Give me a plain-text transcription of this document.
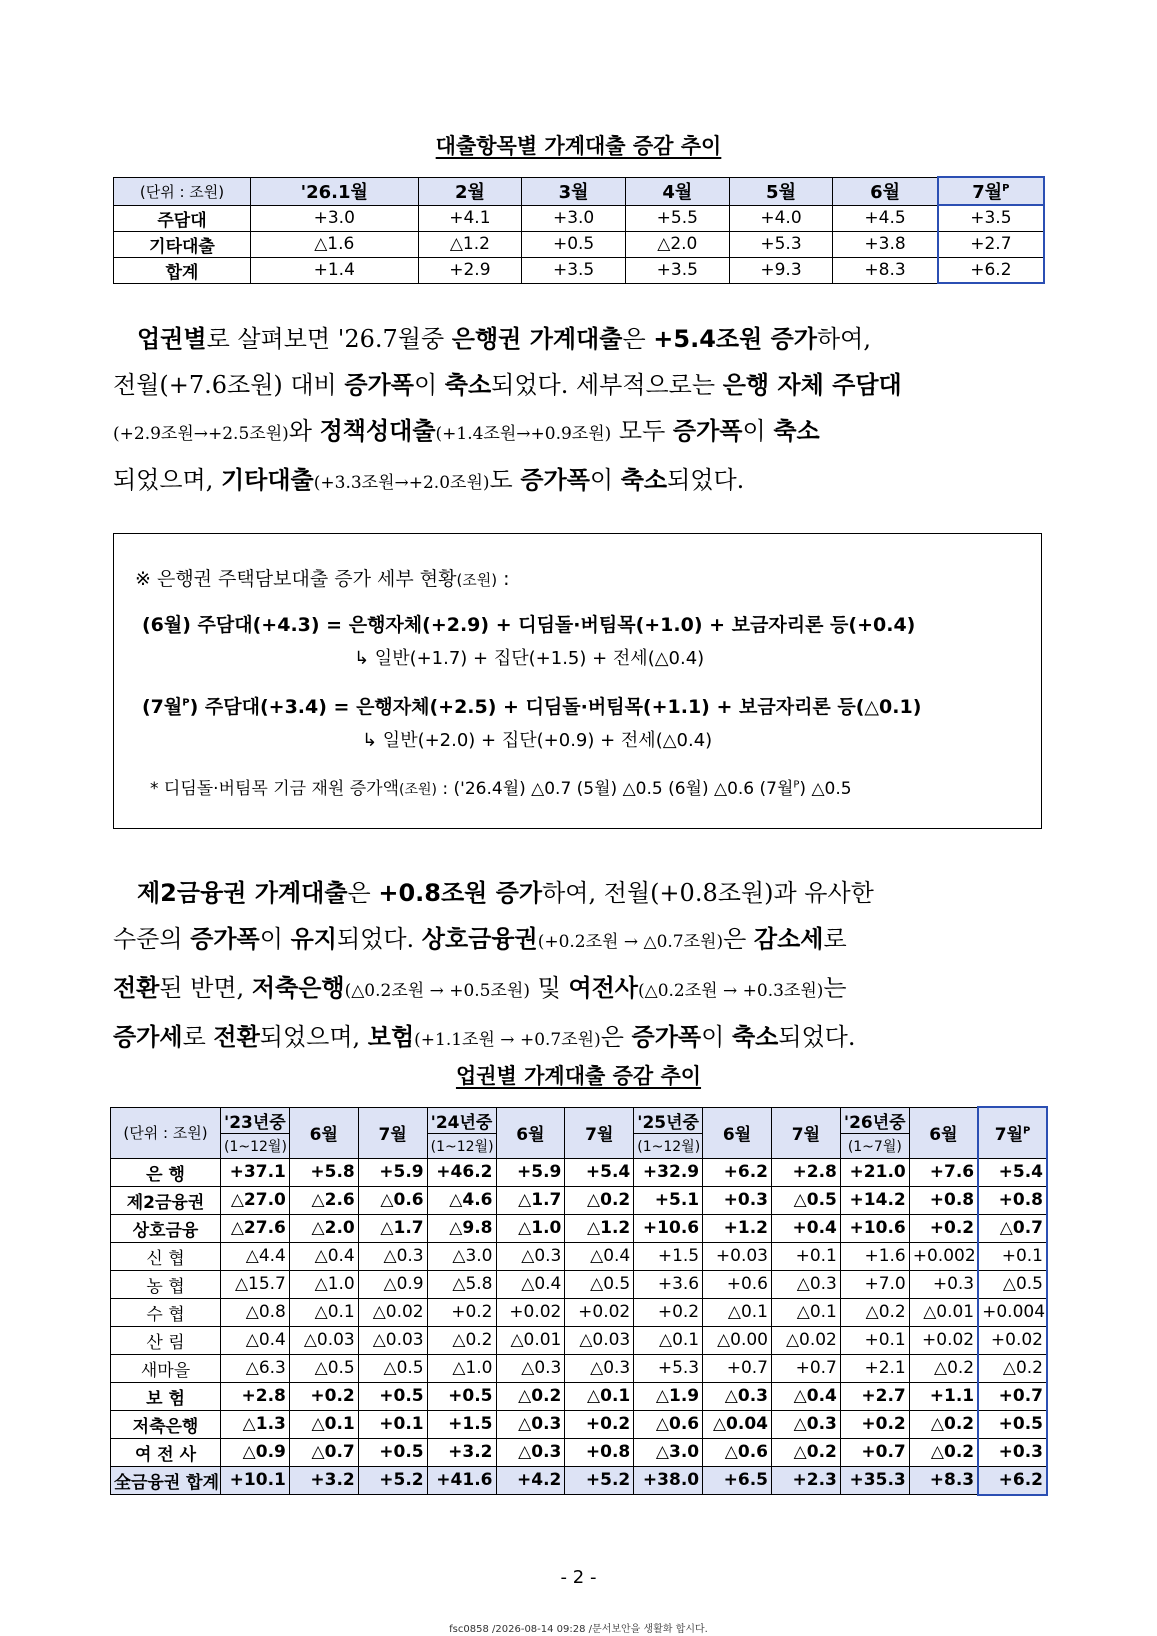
대출항목별 가계대출 증감 추이
(단위 : 조원)	'26.1월	2월	3월	4월	5월	6월	7월$^P$
주담대	+3.0	+4.1	+3.0	+5.5	+4.0	+4.5	+3.5
기타대출	△1.6	△1.2	+0.5	△2.0	+5.3	+3.8	+2.7
합계	+1.4	+2.9	+3.5	+3.5	+9.3	+8.3	+6.2
업권별로 살펴보면 '26.7월중 은행권 가계대출은 +5.4조원 증가하여,
전월(+7.6조원) 대비 증가폭이 축소되었다. 세부적으로는 은행 자체 주담대
(+2.9조원→+2.5조원)와 정책성대출(+1.4조원→+0.9조원) 모두 증가폭이 축소
되었으며, 기타대출(+3.3조원→+2.0조원)도 증가폭이 축소되었다.
※ 은행권 주택담보대출 증가 세부 현황(조원) :
(6월) 주담대(+4.3) = 은행자체(+2.9) + 디딤돌·버팀목(+1.0) + 보금자리론 등(+0.4)
↳ 일반(+1.7) + 집단(+1.5) + 전세(△0.4)
(7월$^P$) 주담대(+3.4) = 은행자체(+2.5) + 디딤돌·버팀목(+1.1) + 보금자리론 등(△0.1)
↳ 일반(+2.0) + 집단(+0.9) + 전세(△0.4)
* 디딤돌·버팀목 기금 재원 증가액(조원) : ('26.4월) △0.7 (5월) △0.5 (6월) △0.6 (7월$^P$) △0.5
제2금융권 가계대출은 +0.8조원 증가하여, 전월(+0.8조원)과 유사한
수준의 증가폭이 유지되었다. 상호금융권(+0.2조원 → △0.7조원)은 감소세로
전환된 반면, 저축은행(△0.2조원 → +0.5조원) 및 여전사(△0.2조원 → +0.3조원)는
증가세로 전환되었으며, 보험(+1.1조원 → +0.7조원)은 증가폭이 축소되었다.
업권별 가계대출 증감 추이
(단위 : 조원)	'23년중	6월	7월	'24년중	6월	7월	'25년중	6월	7월	'26년중	6월	7월$^P$
	(1~12월)			(1~12월)			(1~12월)			(1~7월)		
은 행	+37.1	+5.8	+5.9	+46.2	+5.9	+5.4	+32.9	+6.2	+2.8	+21.0	+7.6	+5.4
제2금융권	△27.0	△2.6	△0.6	△4.6	△1.7	△0.2	+5.1	+0.3	△0.5	+14.2	+0.8	+0.8
상호금융	△27.6	△2.0	△1.7	△9.8	△1.0	△1.2	+10.6	+1.2	+0.4	+10.6	+0.2	△0.7
신 협	△4.4	△0.4	△0.3	△3.0	△0.3	△0.4	+1.5	+0.03	+0.1	+1.6	+0.002	+0.1
농 협	△15.7	△1.0	△0.9	△5.8	△0.4	△0.5	+3.6	+0.6	△0.3	+7.0	+0.3	△0.5
수 협	△0.8	△0.1	△0.02	+0.2	+0.02	+0.02	+0.2	△0.1	△0.1	△0.2	△0.01	+0.004
산 림	△0.4	△0.03	△0.03	△0.2	△0.01	△0.03	△0.1	△0.00	△0.02	+0.1	+0.02	+0.02
새마을	△6.3	△0.5	△0.5	△1.0	△0.3	△0.3	+5.3	+0.7	+0.7	+2.1	△0.2	△0.2
보 험	+2.8	+0.2	+0.5	+0.5	△0.2	△0.1	△1.9	△0.3	△0.4	+2.7	+1.1	+0.7
저축은행	△1.3	△0.1	+0.1	+1.5	△0.3	+0.2	△0.6	△0.04	△0.3	+0.2	△0.2	+0.5
여 전 사	△0.9	△0.7	+0.5	+3.2	△0.3	+0.8	△3.0	△0.6	△0.2	+0.7	△0.2	+0.3
全금융권 합계	+10.1	+3.2	+5.2	+41.6	+4.2	+5.2	+38.0	+6.5	+2.3	+35.3	+8.3	+6.2
- 2 -
fsc0858 /2026-08-14 09:28 /문서보안을 생활화 합시다.
